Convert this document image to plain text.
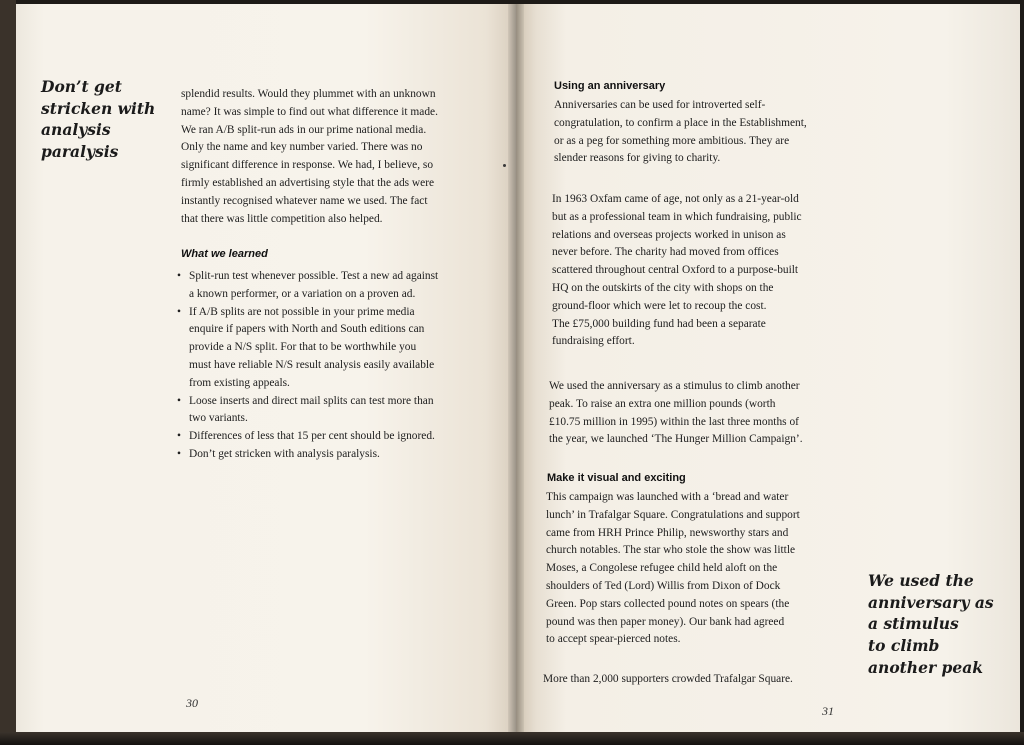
Don’t get
stricken with
analysis
paralysis
splendid results. Would they plummet with an unknown
name? It was simple to find out what difference it made.
We ran A/B split-run ads in our prime national media.
Only the name and key number varied. There was no
significant difference in response. We had, I believe, so
firmly established an advertising style that the ads were
instantly recognised whatever name we used. The fact
that there was little competition also helped.
What we learned
• Split-run test whenever possible. Test a new ad against
a known performer, or a variation on a proven ad.
• If A/B splits are not possible in your prime media
enquire if papers with North and South editions can
provide a N/S split. For that to be worthwhile you
must have reliable N/S result analysis easily available
from existing appeals.
• Loose inserts and direct mail splits can test more than
two variants.
• Differences of less that 15 per cent should be ignored.
• Don’t get stricken with analysis paralysis.
30
Using an anniversary
Anniversaries can be used for introverted self-
congratulation, to confirm a place in the Establishment,
or as a peg for something more ambitious. They are
slender reasons for giving to charity.
In 1963 Oxfam came of age, not only as a 21-year-old
but as a professional team in which fundraising, public
relations and overseas projects worked in unison as
never before. The charity had moved from offices
scattered throughout central Oxford to a purpose-built
HQ on the outskirts of the city with shops on the
ground-floor which were let to recoup the cost.
The £75,000 building fund had been a separate
fundraising effort.
We used the anniversary as a stimulus to climb another
peak. To raise an extra one million pounds (worth
£10.75 million in 1995) within the last three months of
the year, we launched ‘The Hunger Million Campaign’.
Make it visual and exciting
This campaign was launched with a ‘bread and water
lunch’ in Trafalgar Square. Congratulations and support
came from HRH Prince Philip, newsworthy stars and
church notables. The star who stole the show was little
Moses, a Congolese refugee child held aloft on the
shoulders of Ted (Lord) Willis from Dixon of Dock
Green. Pop stars collected pound notes on spears (the
pound was then paper money). Our bank had agreed
to accept spear-pierced notes.
More than 2,000 supporters crowded Trafalgar Square.
We used the
anniversary as
a stimulus
to climb
another peak
31
